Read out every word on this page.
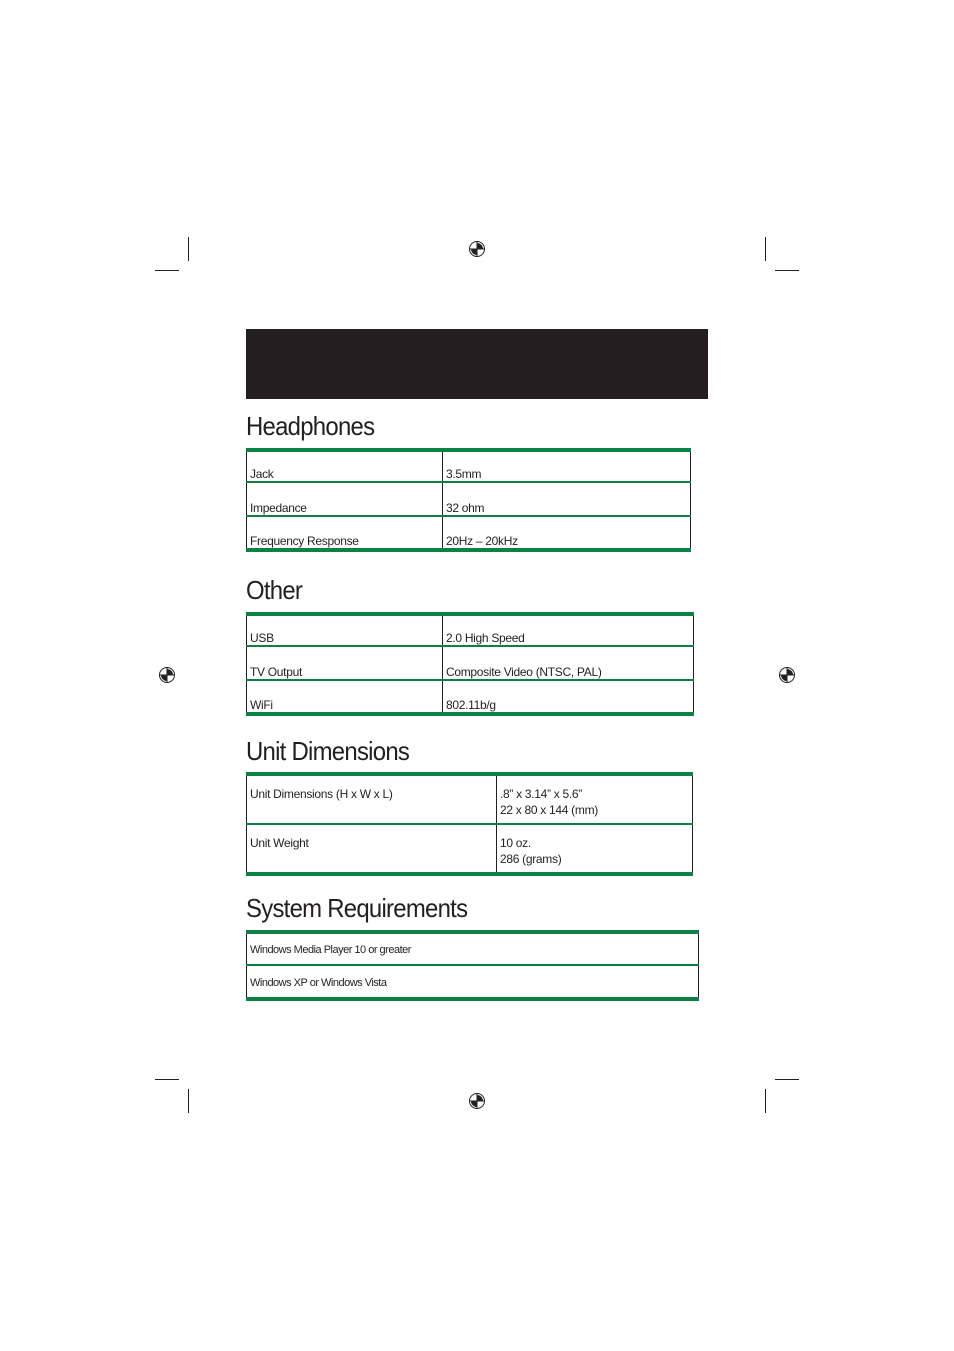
Headphones
Jack	3.5mm
Impedance	32 ohm
Frequency Response	20Hz – 20kHz
Other
USB	2.0 High Speed
TV Output	Composite Video (NTSC, PAL)
WiFi	802.11b/g
Unit Dimensions
Unit Dimensions (H x W x L)	.8” x 3.14” x 5.6”
22 x 80 x 144 (mm)

Unit Weight	10 oz.
286 (grams)
System Requirements
Windows Media Player 10 or greater
Windows XP or Windows Vista
